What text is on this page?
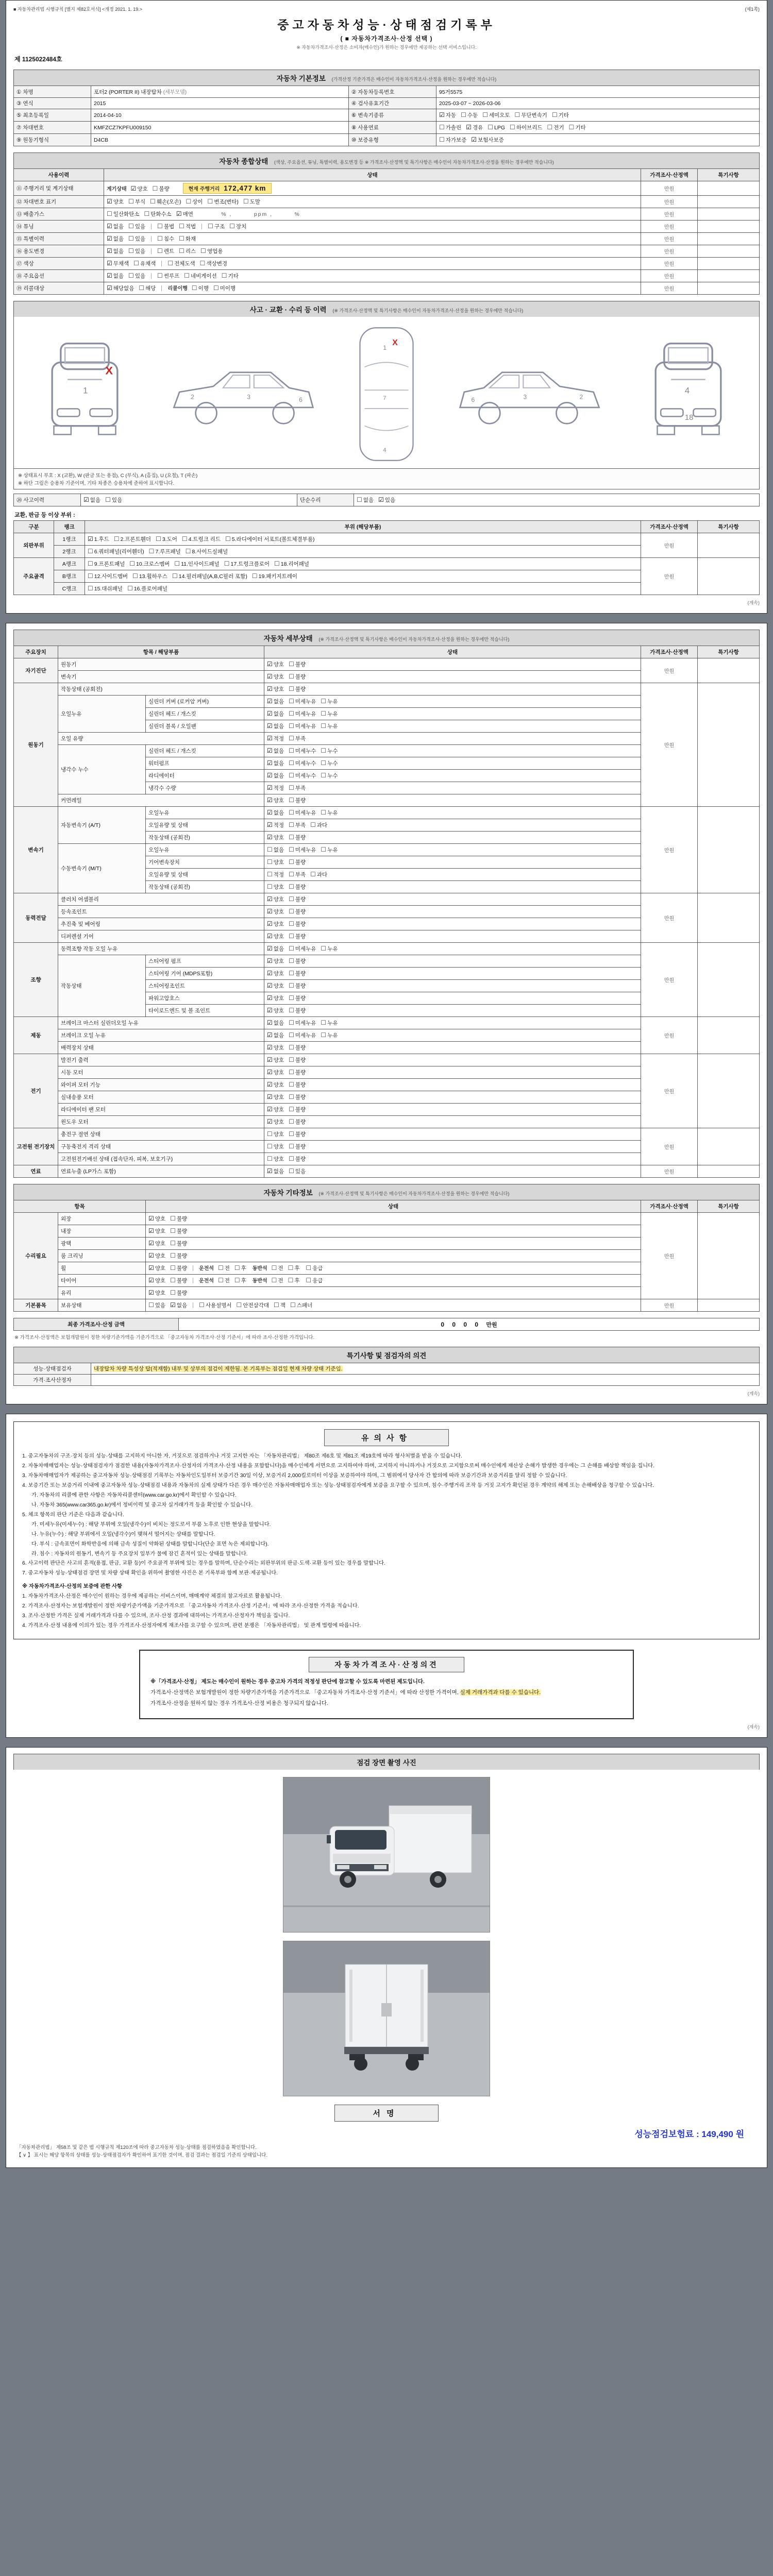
■ 자동차관리법 시행규칙 [별지 제82호서식] <개정 2021. 1. 19.>	(제1쪽)
중고자동차성능·상태점검기록부
( ■ 자동차가격조사·산정 선택 )
※ 자동차가격조사·산정은 소비자(매수인)가 원하는 경우에만 제공하는 선택 서비스입니다.
제 1125022484호
자동차 기본정보 (가격산정 기준가격은 매수인이 자동차가격조사·산정을 원하는 경우에만 적습니다)
① 차명	포터2 (PORTER II) 내장탑차 (세부모델)	② 자동차등록번호	95거5575
③ 연식	2015	④ 검사유효기간	2025-03-07 ~ 2026-03-06
⑤ 최초등록일	2014-04-10	⑥ 변속기종류	☑ 자동 ☐ 수동 ☐ 세미오토 ☐ 무단변속기 ☐ 기타
⑦ 차대번호	KMFZCZ7KPFU009150	⑧ 사용연료	☐ 가솔린 ☑ 경유 ☐ LPG ☐ 하이브리드 ☐ 전기 ☐ 기타
⑨ 원동기형식	D4CB	⑩ 보증유형	☐ 자가보증 ☑ 보험사보증
자동차 종합상태 (색상, 주요옵션, 튜닝, 특별이력, 용도변경 등 ※ 가격조사·산정액 및 특기사항은 매수인이 자동차가격조사·산정을 원하는 경우에만 적습니다)
사용이력	상태	가격조사·산정액	특기사항
⑪ 주행거리 및 계기상태	계기상태 ☑ 양호 ☐ 불량 현재 주행거리 172,477 km	만원	
⑫ 차대번호 표기	☑ 양호 ☐ 부식 ☐ 훼손(오손) ☐ 상이 ☐ 변조(변타) ☐ 도말	만원	
⑬ 배출가스	☐ 일산화탄소 ☐ 탄화수소 ☑ 매연 　　　 % ,　　　 ppm ,　　　 %	만원	
⑭ 튜닝	☑ 없음 ☐ 있음 ☐ 불법 ☐ 적법 ☐ 구조 ☐ 장치	만원	
⑮ 특별이력	☑ 없음 ☐ 있음 ☐ 침수 ☐ 화재	만원	
⑯ 용도변경	☑ 없음 ☐ 있음 ☐ 렌트 ☐ 리스 ☐ 영업용	만원	
⑰ 색상	☑ 무채색 ☐ 유채색 ☐ 전체도색 ☐ 색상변경	만원	
⑱ 주요옵션	☑ 없음 ☐ 있음 ☐ 썬루프 ☐ 네비게이션 ☐ 기타	만원	
⑲ 리콜대상	☑ 해당없음 ☐ 해당 리콜이행 ☐ 이행 ☐ 미이행	만원	
사고 · 교환 · 수리 등 이력 (※ 가격조사·산정액 및 특기사항은 매수인이 자동차가격조사·산정을 원하는 경우에만 적습니다)
1
X
2	3	6
1
7
4
X
2
3
6
4
18
※ 상태표시 부호 : X (교환), W (판금 또는 용접), C (부식), A (흠집), U (요철), T (파손)
※ 하단 그림은 승용차 기준이며, 기타 차종은 승용차에 준하여 표시합니다.
⑳ 사고이력	☑ 없음 ☐ 있음	단순수리	☐ 없음 ☑ 있음
교환, 판금 등 이상 부위 :
구분	랭크	부위 (해당부품)	가격조사·산정액	특기사항
외판부위	1랭크	☑ 1.후드 ☐ 2.프론트휀더 ☐ 3.도어 ☐ 4.트렁크 리드 ☐ 5.라디에이터 서포트(볼트체결부품)	만원	
	2랭크	☐ 6.쿼터패널(리어휀더) ☐ 7.루프패널 ☐ 8.사이드실패널		
주요골격	A랭크	☐ 9.프론트패널 ☐ 10.크로스멤버 ☐ 11.인사이드패널 ☐ 17.트렁크플로어 ☐ 18.리어패널	만원	
	B랭크	☐ 12.사이드멤버 ☐ 13.휠하우스 ☐ 14.필러패널(A,B,C필러 포함) ☐ 19.패키지트레이		
	C랭크	☐ 15.대쉬패널 ☐ 16.플로어패널		
(계속)
자동차 세부상태 (※ 가격조사·산정액 및 특기사항은 매수인이 자동차가격조사·산정을 원하는 경우에만 적습니다)
주요장치	항목 / 해당부품		상태	가격조사·산정액	특기사항
자기진단	원동기		☑ 양호 ☐ 불량	만원	
	변속기		☑ 양호 ☐ 불량		
원동기	작동상태 (공회전)		☑ 양호 ☐ 불량	만원	
	오일누유	실린더 커버 (로커암 커버)	☑ 없음 ☐ 미세누유 ☐ 누유		
		실린더 헤드 / 개스킷	☑ 없음 ☐ 미세누유 ☐ 누유		
		실린더 블록 / 오일팬	☑ 없음 ☐ 미세누유 ☐ 누유		
	오일 유량		☑ 적정 ☐ 부족		
	냉각수 누수	실린더 헤드 / 개스킷	☑ 없음 ☐ 미세누수 ☐ 누수		
		워터펌프	☑ 없음 ☐ 미세누수 ☐ 누수		
		라디에이터	☑ 없음 ☐ 미세누수 ☐ 누수		
		냉각수 수량	☑ 적정 ☐ 부족		
	커먼레일		☑ 양호 ☐ 불량		
변속기	자동변속기 (A/T)	오일누유	☑ 없음 ☐ 미세누유 ☐ 누유	만원	
		오일유량 및 상태	☑ 적정 ☐ 부족 ☐ 과다		
		작동상태 (공회전)	☑ 양호 ☐ 불량		
	수동변속기 (M/T)	오일누유	☐ 없음 ☐ 미세누유 ☐ 누유		
		기어변속장치	☐ 양호 ☐ 불량		
		오일유량 및 상태	☐ 적정 ☐ 부족 ☐ 과다		
		작동상태 (공회전)	☐ 양호 ☐ 불량		
동력전달	클러치 어셈블리		☑ 양호 ☐ 불량	만원	
	등속조인트		☑ 양호 ☐ 불량		
	추진축 및 베어링		☑ 양호 ☐ 불량		
	디퍼렌셜 기어		☑ 양호 ☐ 불량		
조향	동력조향 작동 오일 누유		☑ 없음 ☐ 미세누유 ☐ 누유	만원	
	작동상태	스티어링 펌프	☑ 양호 ☐ 불량		
		스티어링 기어 (MDPS포함)	☑ 양호 ☐ 불량		
		스티어링조인트	☑ 양호 ☐ 불량		
		파워고압호스	☑ 양호 ☐ 불량		
		타이로드엔드 및 볼 조인트	☑ 양호 ☐ 불량		
제동	브레이크 마스터 실린더오일 누유		☑ 없음 ☐ 미세누유 ☐ 누유	만원	
	브레이크 오일 누유		☑ 없음 ☐ 미세누유 ☐ 누유		
	배력장치 상태		☑ 양호 ☐ 불량		
전기	발전기 출력		☑ 양호 ☐ 불량	만원	
	시동 모터		☑ 양호 ☐ 불량		
	와이퍼 모터 기능		☑ 양호 ☐ 불량		
	실내송풍 모터		☑ 양호 ☐ 불량		
	라디에이터 팬 모터		☑ 양호 ☐ 불량		
	윈도우 모터		☑ 양호 ☐ 불량		
고전원 전기장치	충전구 절연 상태		☐ 양호 ☐ 불량	만원	
	구동축전지 격리 상태		☐ 양호 ☐ 불량		
	고전원전기배선 상태 (접속단자, 피복, 보호기구)		☐ 양호 ☐ 불량		
연료	연료누출 (LP가스 포함)		☑ 없음 ☐ 있음	만원	
자동차 기타정보 (※ 가격조사·산정액 및 특기사항은 매수인이 자동차가격조사·산정을 원하는 경우에만 적습니다)
항목		상태	가격조사·산정액	특기사항
수리필요	외장	☑ 양호 ☐ 불량	만원	
	내장	☑ 양호 ☐ 불량		
	광택	☑ 양호 ☐ 불량		
	룸 크리닝	☑ 양호 ☐ 불량		
	휠	☑ 양호 ☐ 불량 운전석 ☐ 전 ☐ 후 동반석 ☐ 전 ☐ 후 ☐ 응급		
	타이어	☑ 양호 ☐ 불량 운전석 ☐ 전 ☐ 후 동반석 ☐ 전 ☐ 후 ☐ 응급		
	유리	☑ 양호 ☐ 불량		
기본품목	보유상태	☐ 있음 ☑ 없음 ☐ 사용설명서 ☐ 안전삼각대 ☐ 잭 ☐ 스패너	만원	
최종 가격조사·산정 금액	0 0 0 0 만원
※ 가격조사·산정액은 보험개발원이 정한 차량기준가액을 기준가격으로 「중고자동차 가격조사·산정 기준서」에 따라 조사·산정한 가격입니다.
특기사항 및 점검자의 의견
성능·상태점검자	내장탑차 차량 특성상 탑(적재함) 내부 및 상부의 점검이 제한됨. 본 기록부는 점검일 현재 차량 상태 기준임.
가격·조사산정자	
(계속)
유의사항
1. 중고자동차의 구조·장치 등의 성능·상태를 고지하지 아니한 자, 거짓으로 점검하거나 거짓 고지한 자는 「자동차관리법」 제80조 제6호 및 제81조 제19호에 따라 형사처벌을 받을 수 있습니다.
2. 자동차매매업자는 성능·상태점검자가 점검한 내용(자동차가격조사·산정자의 가격조사·산정 내용을 포함합니다)을 매수인에게 서면으로 고지하여야 하며, 고지하지 아니하거나 거짓으로 고지함으로써 매수인에게 재산상 손해가 발생한 경우에는 그 손해를 배상할 책임을 집니다.
3. 자동차매매업자가 제공하는 중고자동차 성능·상태점검 기록부는 자동차인도일부터 보증기간 30일 이상, 보증거리 2,000킬로미터 이상을 보증하여야 하며, 그 범위에서 당사자 간 합의에 따라 보증기간과 보증거리를 달리 정할 수 있습니다.
4. 보증기간 또는 보증거리 이내에 중고자동차 성능·상태점검 내용과 자동차의 실제 상태가 다른 경우 매수인은 자동차매매업자 또는 성능·상태점검자에게 보증을 요구할 수 있으며, 침수·주행거리 조작 등 거짓 고지가 확인된 경우 계약의 해제 또는 손해배상을 청구할 수 있습니다.
가. 자동차의 리콜에 관한 사항은 자동차리콜센터(www.car.go.kr)에서 확인할 수 있습니다.
나. 자동차 365(www.car365.go.kr)에서 정비이력 및 중고차 실거래가격 등을 확인할 수 있습니다.
5. 체크 항목의 판단 기준은 다음과 같습니다.
가. 미세누유(미세누수) : 해당 부위에 오일(냉각수)이 비치는 정도로서 부품 노후로 인한 현상을 말합니다.
나. 누유(누수) : 해당 부위에서 오일(냉각수)이 맺혀서 떨어지는 상태를 말합니다.
다. 부식 : 금속표면이 화학반응에 의해 금속 성질이 약화된 상태를 말합니다(단순 표면 녹은 제외합니다).
라. 침수 : 자동차의 원동기, 변속기 등 주요장치 일부가 물에 잠긴 흔적이 있는 상태를 말합니다.
6. 사고이력 판단은 사고의 흔적(용접, 판금, 교환 등)이 주요골격 부위에 있는 경우를 말하며, 단순수리는 외판부위의 판금·도색·교환 등이 있는 경우를 말합니다.
7. 중고자동차 성능·상태점검 장면 및 차량 상태 확인을 위하여 촬영한 사진은 본 기록부와 함께 보관·제공됩니다.
※ 자동차가격조사·산정의 보증에 관한 사항
1. 자동차가격조사·산정은 매수인이 원하는 경우에 제공하는 서비스이며, 매매계약 체결의 참고자료로 활용됩니다.
2. 가격조사·산정자는 보험개발원이 정한 차량기준가액을 기준가격으로 「중고자동차 가격조사·산정 기준서」에 따라 조사·산정한 가격을 적습니다.
3. 조사·산정한 가격은 실제 거래가격과 다를 수 있으며, 조사·산정 결과에 대하여는 가격조사·산정자가 책임을 집니다.
4. 가격조사·산정 내용에 이의가 있는 경우 가격조사·산정자에게 재조사를 요구할 수 있으며, 관련 분쟁은 「자동차관리법」 및 관계 법령에 따릅니다.
자동차가격조사·산정의견
※「가격조사·산정」 제도는 매수인이 원하는 경우 중고차 가격의 적정성 판단에 참고할 수 있도록 마련된 제도입니다.
가격조사·산정액은 보험개발원이 정한 차량기준가액을 기준가격으로 「중고자동차 가격조사·산정 기준서」에 따라 산정한 가격이며, 실제 거래가격과 다를 수 있습니다.
가격조사·산정을 원하지 않는 경우 가격조사·산정 비용은 청구되지 않습니다.
(계속)
점검 장면 촬영 사진
서명
성능점검보험료 : 149,490 원
「자동차관리법」 제58조 및 같은 법 시행규칙 제120조에 따라 중고자동차 성능·상태를 점검하였음을 확인합니다.
【 ∨ 】 표시는 해당 항목의 상태를 성능·상태점검자가 확인하여 표기한 것이며, 점검 결과는 점검일 기준의 상태입니다.
